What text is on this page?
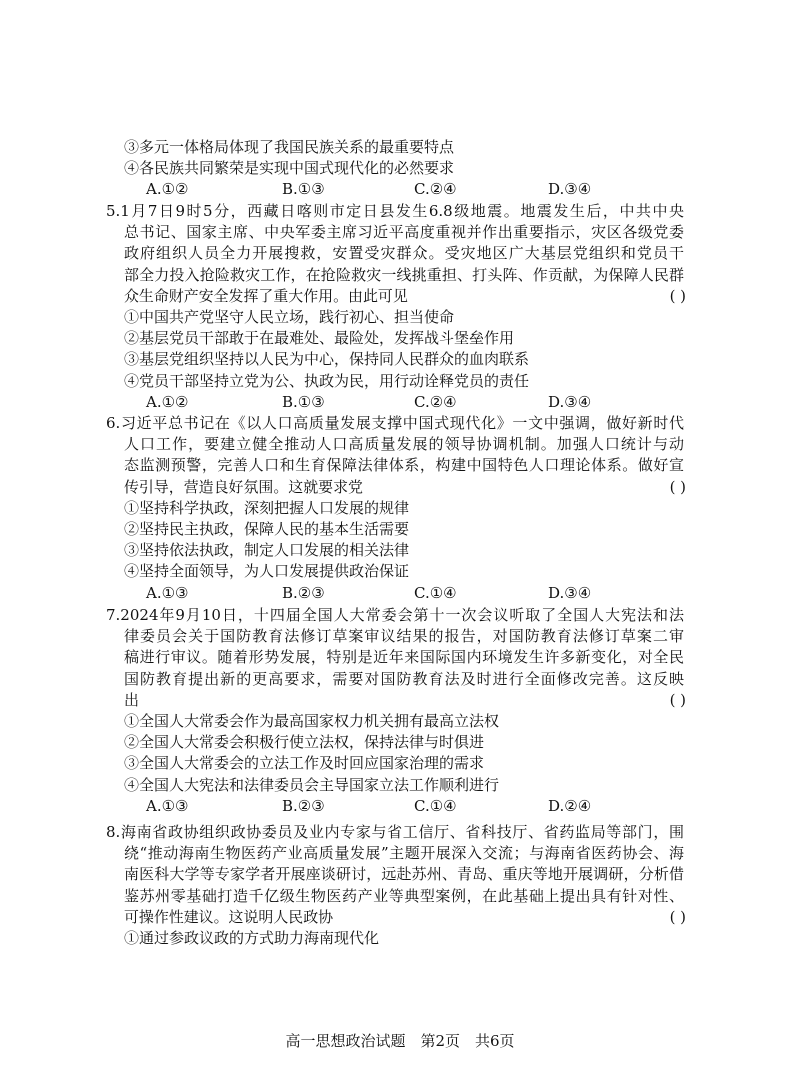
③多元一体格局体现了我国民族关系的最重要特点
④各民族共同繁荣是实现中国式现代化的必然要求
A.①②	B.①③	C.②④	D.③④
5.1月7日9时5分，西藏日喀则市定日县发生6.8级地震。地震发生后，中共中央
总书记、国家主席、中央军委主席习近平高度重视并作出重要指示，灾区各级党委
政府组织人员全力开展搜救，安置受灾群众。受灾地区广大基层党组织和党员干
部全力投入抢险救灾工作，在抢险救灾一线挑重担、打头阵、作贡献，为保障人民群
众生命财产安全发挥了重大作用。由此可见	( )
①中国共产党坚守人民立场，践行初心、担当使命
②基层党员干部敢于在最难处、最险处，发挥战斗堡垒作用
③基层党组织坚持以人民为中心，保持同人民群众的血肉联系
④党员干部坚持立党为公、执政为民，用行动诠释党员的责任
A.①②	B.①③	C.②④	D.③④
6.习近平总书记在《以人口高质量发展支撑中国式现代化》一文中强调，做好新时代
人口工作，要建立健全推动人口高质量发展的领导协调机制。加强人口统计与动
态监测预警，完善人口和生育保障法律体系，构建中国特色人口理论体系。做好宣
传引导，营造良好氛围。这就要求党	( )
①坚持科学执政，深刻把握人口发展的规律
②坚持民主执政，保障人民的基本生活需要
③坚持依法执政，制定人口发展的相关法律
④坚持全面领导，为人口发展提供政治保证
A.①③	B.②③	C.①④	D.③④
7.2024年9月10日，十四届全国人大常委会第十一次会议听取了全国人大宪法和法
律委员会关于国防教育法修订草案审议结果的报告，对国防教育法修订草案二审
稿进行审议。随着形势发展，特别是近年来国际国内环境发生许多新变化，对全民
国防教育提出新的更高要求，需要对国防教育法及时进行全面修改完善。这反映
出	( )
①全国人大常委会作为最高国家权力机关拥有最高立法权
②全国人大常委会积极行使立法权，保持法律与时俱进
③全国人大常委会的立法工作及时回应国家治理的需求
④全国人大宪法和法律委员会主导国家立法工作顺利进行
A.①③	B.②③	C.①④	D.②④
8.海南省政协组织政协委员及业内专家与省工信厅、省科技厅、省药监局等部门，围
绕“推动海南生物医药产业高质量发展”主题开展深入交流；与海南省医药协会、海
南医科大学等专家学者开展座谈研讨，远赴苏州、青岛、重庆等地开展调研，分析借
鉴苏州零基础打造千亿级生物医药产业等典型案例，在此基础上提出具有针对性、
可操作性建议。这说明人民政协	( )
①通过参政议政的方式助力海南现代化
高一思想政治试题　第2页　共6页
